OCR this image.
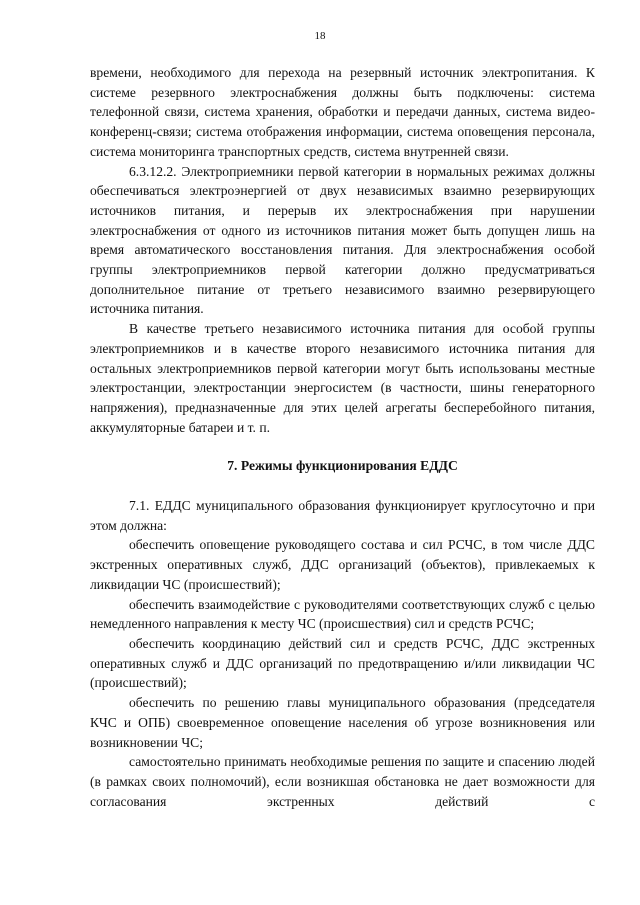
18

времени, необходимого для перехода на резервный источник электропитания. К системе резервного электроснабжения должны быть подключены: система телефонной связи, система хранения, обработки и передачи данных, система видео-конференц-связи; система отображения информации, система оповещения персонала, система мониторинга транспортных средств, система внутренней связи.

6.3.12.2. Электроприемники первой категории в нормальных режимах должны обеспечиваться электроэнергией от двух независимых взаимно резервирующих источников питания, и перерыв их электроснабжения при нарушении электроснабжения от одного из источников питания может быть допущен лишь на время автоматического восстановления питания. Для электроснабжения особой группы электроприемников первой категории должно предусматриваться дополнительное питание от третьего независимого взаимно резервирующего источника питания.

В качестве третьего независимого источника питания для особой группы электроприемников и в качестве второго независимого источника питания для остальных электроприемников первой категории могут быть использованы местные электростанции, электростанции энергосистем (в частности, шины генераторного напряжения), предназначенные для этих целей агрегаты бесперебойного питания, аккумуляторные батареи и т. п.

7. Режимы функционирования ЕДДС

7.1. ЕДДС муниципального образования функционирует круглосуточно и при этом должна:

обеспечить оповещение руководящего состава и сил РСЧС, в том числе ДДС экстренных оперативных служб, ДДС организаций (объектов), привлекаемых к ликвидации ЧС (происшествий);

обеспечить взаимодействие с руководителями соответствующих служб с целью немедленного направления к месту ЧС (происшествия) сил и средств РСЧС;

обеспечить координацию действий сил и средств РСЧС, ДДС экстренных оперативных служб и ДДС организаций по предотвращению и/или ликвидации ЧС (происшествий);

обеспечить по решению главы муниципального образования (председателя КЧС и ОПБ) своевременное оповещение населения об угрозе возникновения или возникновении ЧС;

самостоятельно принимать необходимые решения по защите и спасению людей (в рамках своих полномочий), если возникшая обстановка не дает возможности для согласования экстренных действий с
